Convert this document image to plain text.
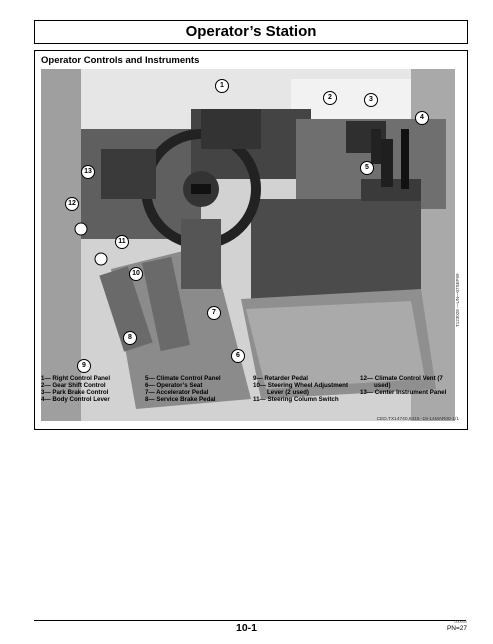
Operator’s Station
Operator Controls and Instruments
1
2	3
4
5
6
7
8
9
10
11
12
13
T123028 —UN—07SEP99
1— Right Control Panel
2— Gear Shift Control
3— Park Brake Control
4— Body Control Lever
5— Climate Control Panel
6— Operator’s Seat
7— Accelerator Pedal
8— Service Brake Pedal
9— Retarder Pedal
10— Steering Wheel Adjustment
Lever (2 used)
11— Steering Column Switch
12— Climate Control Vent (7
used)
13— Center Instrument Panel
CED,TX14740,6315 -19-14MAR00-1/1
10-1	000000
PN=27
